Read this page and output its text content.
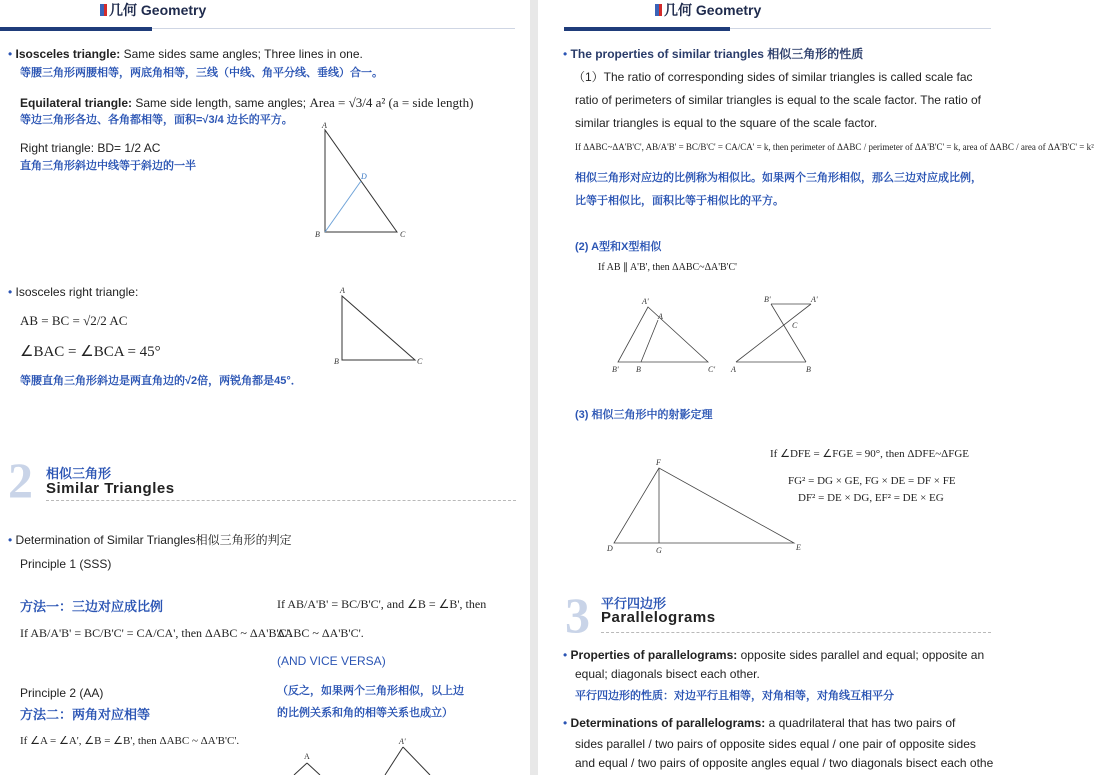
几何 Geometry
• Isosceles triangle: Same sides same angles; Three lines in one.
等腰三角形两腰相等，两底角相等，三线（中线、角平分线、垂线）合一。
Equilateral triangle: Same side length, same angles; Area = √3/4 a² (a = side length)
等边三角形各边、各角都相等，面积=√3/4 边长的平方。
Right triangle: BD= 1/2 AC
直角三角形斜边中线等于斜边的一半
A
B	C
D
• Isosceles right triangle:
AB = BC = √2/2 AC
∠BAC = ∠BCA = 45°
等腰直角三角形斜边是两直角边的√2倍，两锐角都是45°．
A
B	C
2 相似三角形
Similar Triangles
• Determination of Similar Triangles相似三角形的判定
Principle 1 (SSS)
方法一：三边对应成比例
If AB/A'B' = BC/B'C' = CA/CA', then ΔABC ~ ΔA'B'C'.
If AB/A'B' = BC/B'C', and ∠B = ∠B', then
ΔABC ~ ΔA'B'C'.
(AND VICE VERSA)
（反之，如果两个三角形相似，以上边
的比例关系和角的相等关系也成立）
Principle 2 (AA)
方法二：两角对应相等
If ∠A = ∠A', ∠B = ∠B', then ΔABC ~ ΔA'B'C'.
A
A'
几何 Geometry
• The properties of similar triangles 相似三角形的性质
（1）The ratio of corresponding sides of similar triangles is called scale fac
ratio of perimeters of similar triangles is equal to the scale factor. The ratio of
similar triangles is equal to the square of the scale factor.
If ΔABC~ΔA'B'C', AB/A'B' = BC/B'C' = CA/CA' = k, then perimeter of ΔABC / perimeter of ΔA'B'C' = k, area of ΔABC / area of ΔA'B'C' = k²
相似三角形对应边的比例称为相似比。如果两个三角形相似，那么三边对应成比例，
比等于相似比，面积比等于相似比的平方。
(2) A型和X型相似
If AB ∥ A'B', then ΔABC~ΔA'B'C'
A'
A
B' B	C'
B'	A'
C
A	B
(3) 相似三角形中的射影定理
If ∠DFE = ∠FGE = 90°, then ΔDFE~ΔFGE
FG² = DG × GE, FG × DE = DF × FE
DF² = DE × DG, EF² = DE × EG
F
D	G	E
3 平行四边形
Parallelograms
• Properties of parallelograms: opposite sides parallel and equal; opposite an
equal; diagonals bisect each other.
平行四边形的性质：对边平行且相等，对角相等，对角线互相平分
• Determinations of parallelograms: a quadrilateral that has two pairs of
sides parallel / two pairs of opposite sides equal / one pair of opposite sides
and equal / two pairs of opposite angles equal / two diagonals bisect each othe
